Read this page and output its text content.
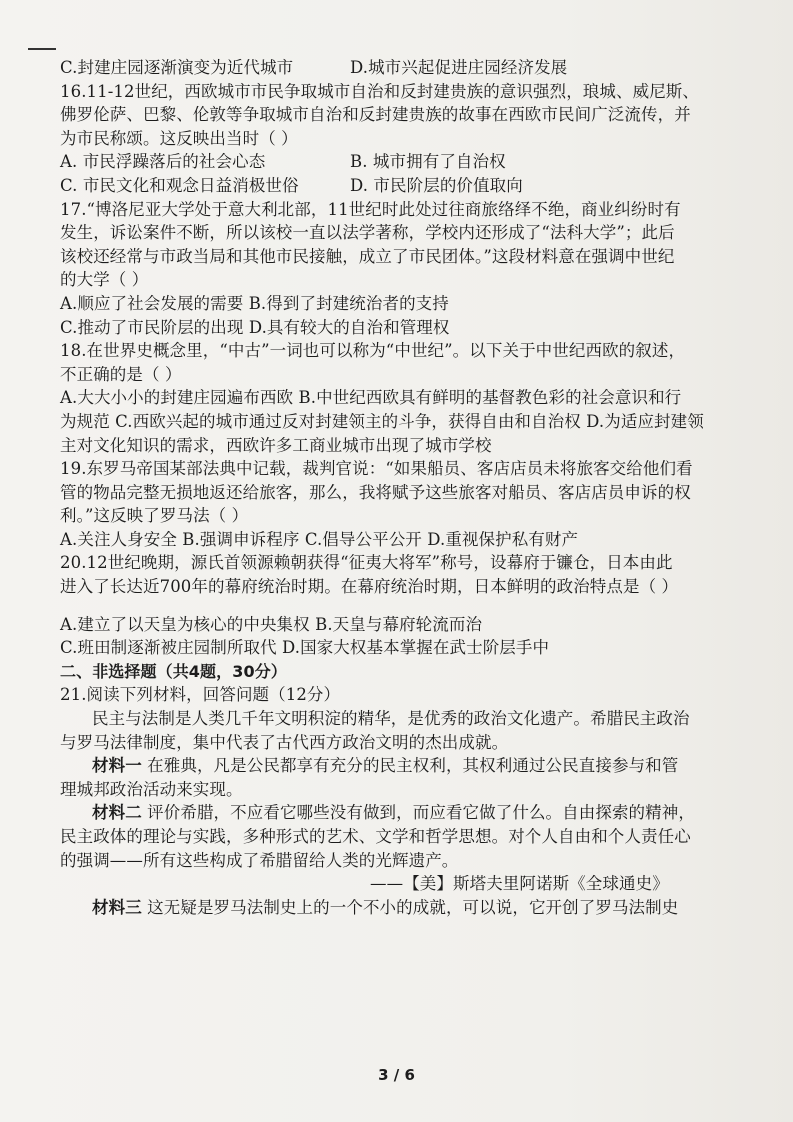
C.封建庄园逐渐演变为近代城市	D.城市兴起促进庄园经济发展
16.11-12世纪，西欧城市市民争取城市自治和反封建贵族的意识强烈，琅城、威尼斯、
佛罗伦萨、巴黎、伦敦等争取城市自治和反封建贵族的故事在西欧市民间广泛流传，并
为市民称颂。这反映出当时（ ）
A. 市民浮躁落后的社会心态	B. 城市拥有了自治权
C. 市民文化和观念日益消极世俗	D. 市民阶层的价值取向
17.“博洛尼亚大学处于意大利北部，11世纪时此处过往商旅络绎不绝，商业纠纷时有
发生，诉讼案件不断，所以该校一直以法学著称，学校内还形成了“法科大学”；此后
该校还经常与市政当局和其他市民接触，成立了市民团体。”这段材料意在强调中世纪
的大学（ ）
A.顺应了社会发展的需要 B.得到了封建统治者的支持
C.推动了市民阶层的出现 D.具有较大的自治和管理权
18.在世界史概念里，“中古”一词也可以称为“中世纪”。以下关于中世纪西欧的叙述，
不正确的是（ ）
A.大大小小的封建庄园遍布西欧 B.中世纪西欧具有鲜明的基督教色彩的社会意识和行
为规范 C.西欧兴起的城市通过反对封建领主的斗争，获得自由和自治权 D.为适应封建领
主对文化知识的需求，西欧许多工商业城市出现了城市学校
19.东罗马帝国某部法典中记载，裁判官说：“如果船员、客店店员未将旅客交给他们看
管的物品完整无损地返还给旅客，那么，我将赋予这些旅客对船员、客店店员申诉的权
利。”这反映了罗马法（ ）
A.关注人身安全 B.强调申诉程序 C.倡导公平公开 D.重视保护私有财产
20.12世纪晚期，源氏首领源赖朝获得“征夷大将军”称号，设幕府于镰仓，日本由此
进入了长达近700年的幕府统治时期。在幕府统治时期，日本鲜明的政治特点是（ ）
A.建立了以天皇为核心的中央集权 B.天皇与幕府轮流而治
C.班田制逐渐被庄园制所取代 D.国家大权基本掌握在武士阶层手中
二、非选择题（共4题，30分）
21.阅读下列材料，回答问题（12分）
民主与法制是人类几千年文明积淀的精华，是优秀的政治文化遗产。希腊民主政治
与罗马法律制度，集中代表了古代西方政治文明的杰出成就。
材料一 在雅典，凡是公民都享有充分的民主权利，其权利通过公民直接参与和管
理城邦政治活动来实现。
材料二 评价希腊，不应看它哪些没有做到，而应看它做了什么。自由探索的精神，
民主政体的理论与实践，多种形式的艺术、文学和哲学思想。对个人自由和个人责任心
的强调——所有这些构成了希腊留给人类的光辉遗产。
——【美】斯塔夫里阿诺斯《全球通史》
材料三 这无疑是罗马法制史上的一个不小的成就，可以说，它开创了罗马法制史
3 / 6
